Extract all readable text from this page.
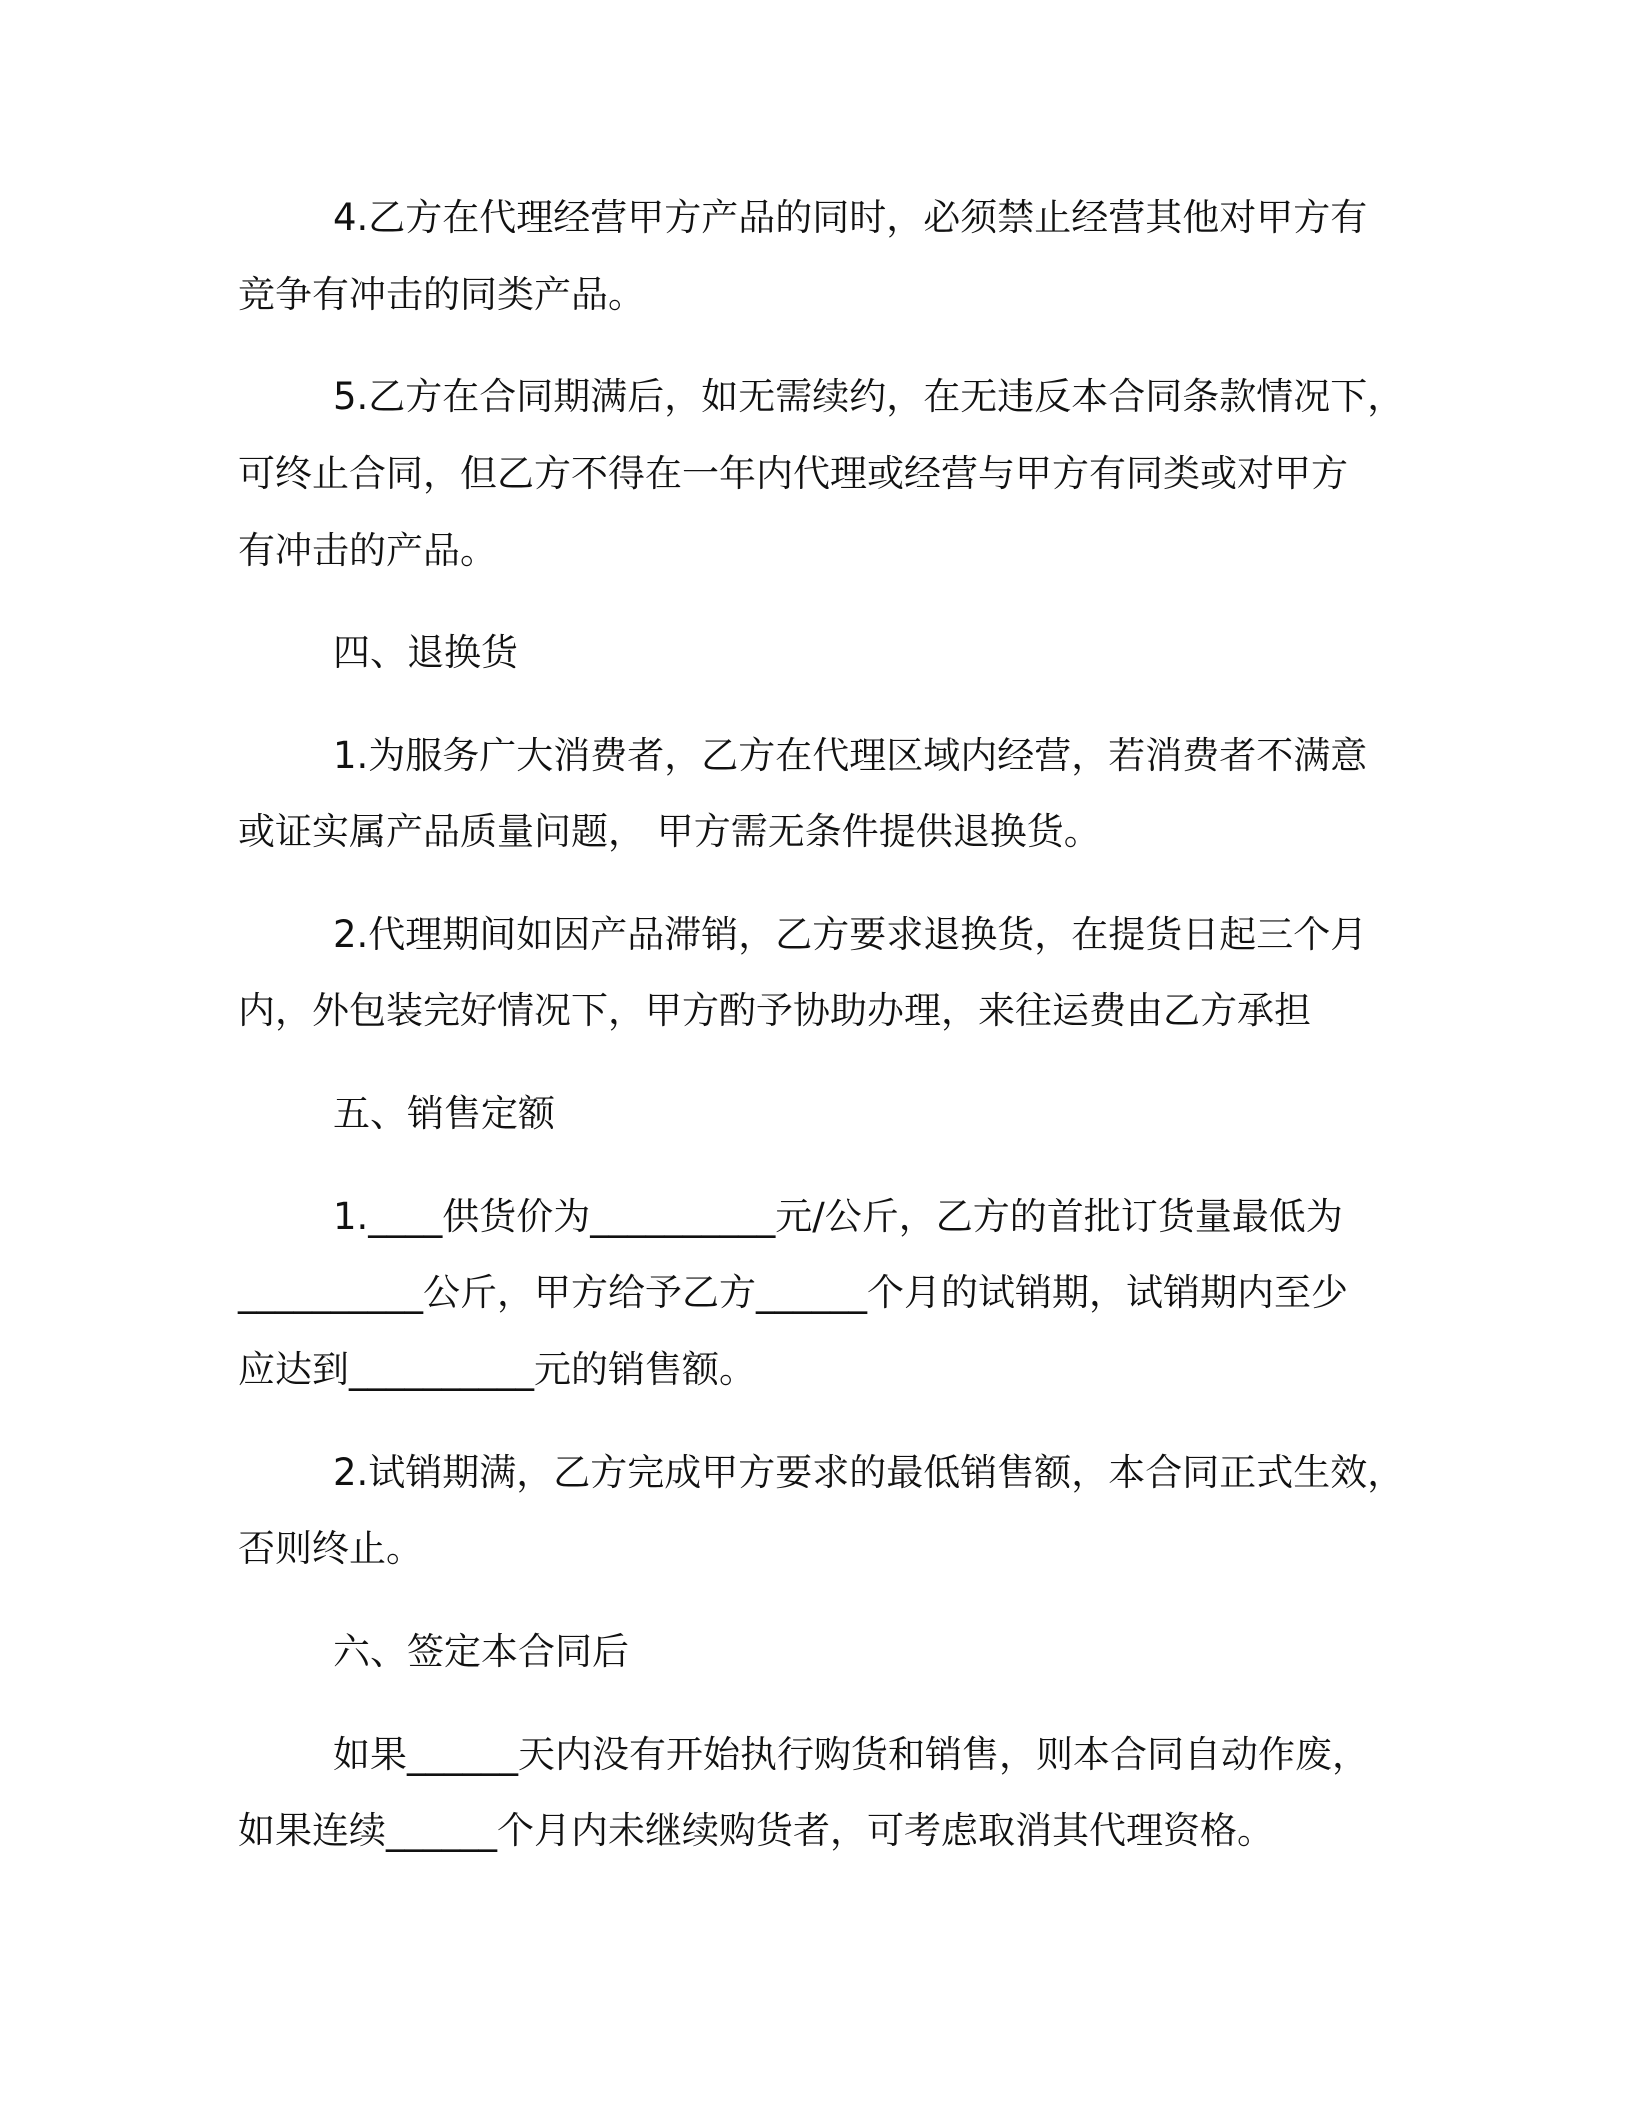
4.乙方在代理经营甲方产品的同时，必须禁止经营其他对甲方有

竞争有冲击的同类产品。

5.乙方在合同期满后，如无需续约，在无违反本合同条款情况下，

可终止合同，但乙方不得在一年内代理或经营与甲方有同类或对甲方

有冲击的产品。

四、退换货

1.为服务广大消费者，乙方在代理区域内经营，若消费者不满意

或证实属产品质量问题， 甲方需无条件提供退换货。

2.代理期间如因产品滞销，乙方要求退换货，在提货日起三个月

内，外包装完好情况下，甲方酌予协助办理，来往运费由乙方承担

五、销售定额

1.____供货价为__________元/公斤，乙方的首批订货量最低为

__________公斤，甲方给予乙方______个月的试销期，试销期内至少

应达到__________元的销售额。

2.试销期满，乙方完成甲方要求的最低销售额，本合同正式生效，

否则终止。

六、签定本合同后

如果______天内没有开始执行购货和销售，则本合同自动作废，

如果连续______个月内未继续购货者，可考虑取消其代理资格。
